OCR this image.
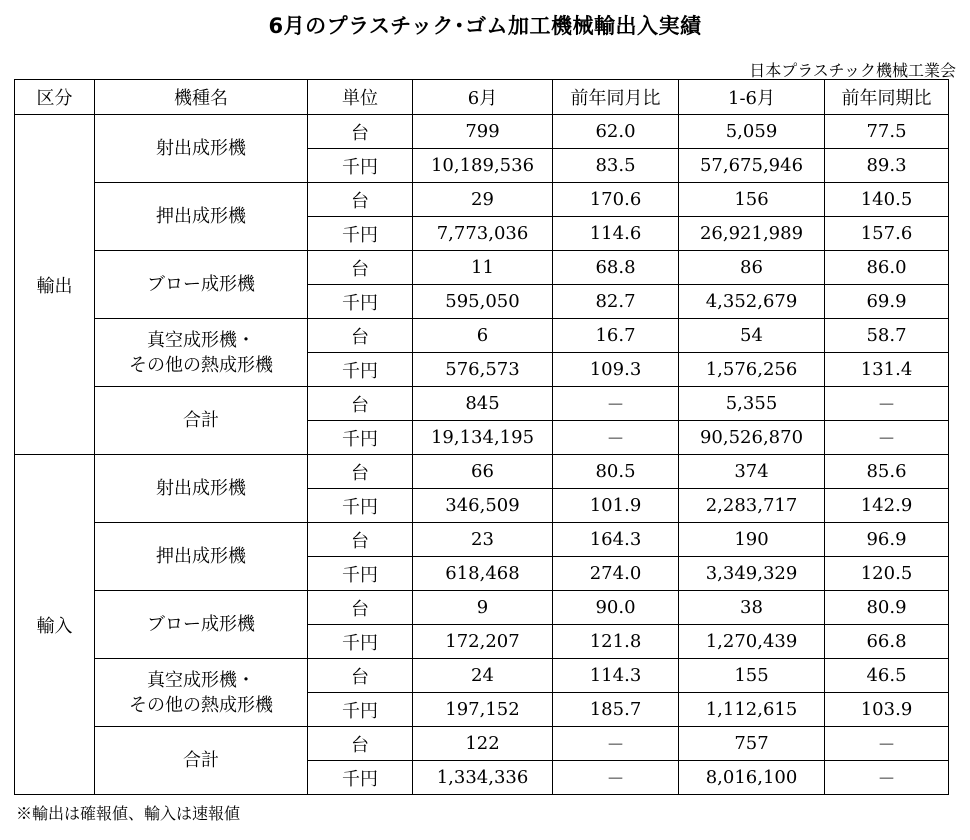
6月のプラスチック･ゴム加工機械輸出入実績
日本プラスチック機械工業会
区分	機種名	単位	6月	前年同月比	1-6月	前年同期比
輸出	射出成形機	台	799	62.0	5,059	77.5
		千円	10,189,536	83.5	57,675,946	89.3

	押出成形機	台	29	170.6	156	140.5
		千円	7,773,036	114.6	26,921,989	157.6

	ブロー成形機	台	11	68.8	86	86.0
		千円	595,050	82.7	4,352,679	69.9

	真空成形機・
その他の熱成形機	台	6	16.7	54	58.7
		千円	576,573	109.3	1,576,256	131.4

	合計	台	845	－	5,355	－
		千円	19,134,195	－	90,526,870	－
輸入	射出成形機	台	66	80.5	374	85.6
		千円	346,509	101.9	2,283,717	142.9

	押出成形機	台	23	164.3	190	96.9
		千円	618,468	274.0	3,349,329	120.5

	ブロー成形機	台	9	90.0	38	80.9
		千円	172,207	121.8	1,270,439	66.8

	真空成形機・
その他の熱成形機	台	24	114.3	155	46.5
		千円	197,152	185.7	1,112,615	103.9

	合計	台	122	－	757	－
		千円	1,334,336	－	8,016,100	－
※輸出は確報値、輸入は速報値
